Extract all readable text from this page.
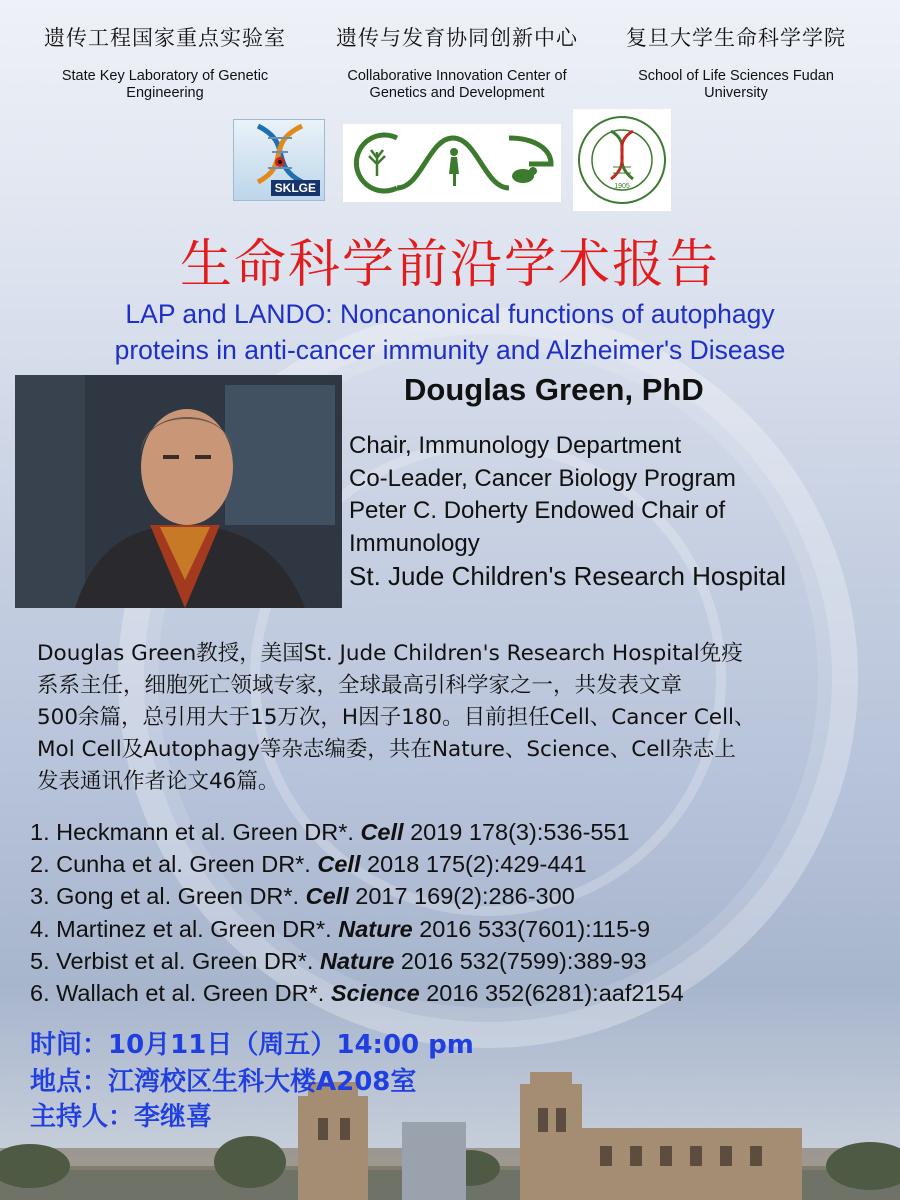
遗传工程国家重点实验室
State Key Laboratory of Genetic
Engineering
遗传与发育协同创新中心
Collaborative Innovation Center of
Genetics and Development
复旦大学生命科学学院
School of Life Sciences Fudan
University
SKLGE	1905
生命科学前沿学术报告
LAP and LANDO: Noncanonical functions of autophagy
proteins in anti-cancer immunity and Alzheimer's Disease
Douglas Green, PhD
Chair, Immunology Department
Co-Leader, Cancer Biology Program
Peter C. Doherty Endowed Chair of
Immunology
St. Jude Children's Research Hospital
Douglas Green教授，美国St. Jude Children's Research Hospital免疫
系系主任，细胞死亡领域专家，全球最高引科学家之一，共发表文章
500余篇，总引用大于15万次，H因子180。目前担任Cell、Cancer Cell、
Mol Cell及Autophagy等杂志编委，共在Nature、Science、Cell杂志上
发表通讯作者论文46篇。
1. Heckmann et al. Green DR*. Cell 2019 178(3):536-551
2. Cunha et al. Green DR*. Cell 2018 175(2):429-441
3. Gong et al. Green DR*. Cell 2017 169(2):286-300
4. Martinez et al. Green DR*. Nature 2016 533(7601):115-9
5. Verbist et al. Green DR*. Nature 2016 532(7599):389-93
6. Wallach et al. Green DR*. Science 2016 352(6281):aaf2154
时间：10月11日（周五）14:00 pm
地点：江湾校区生科大楼A208室
主持人：李继喜
